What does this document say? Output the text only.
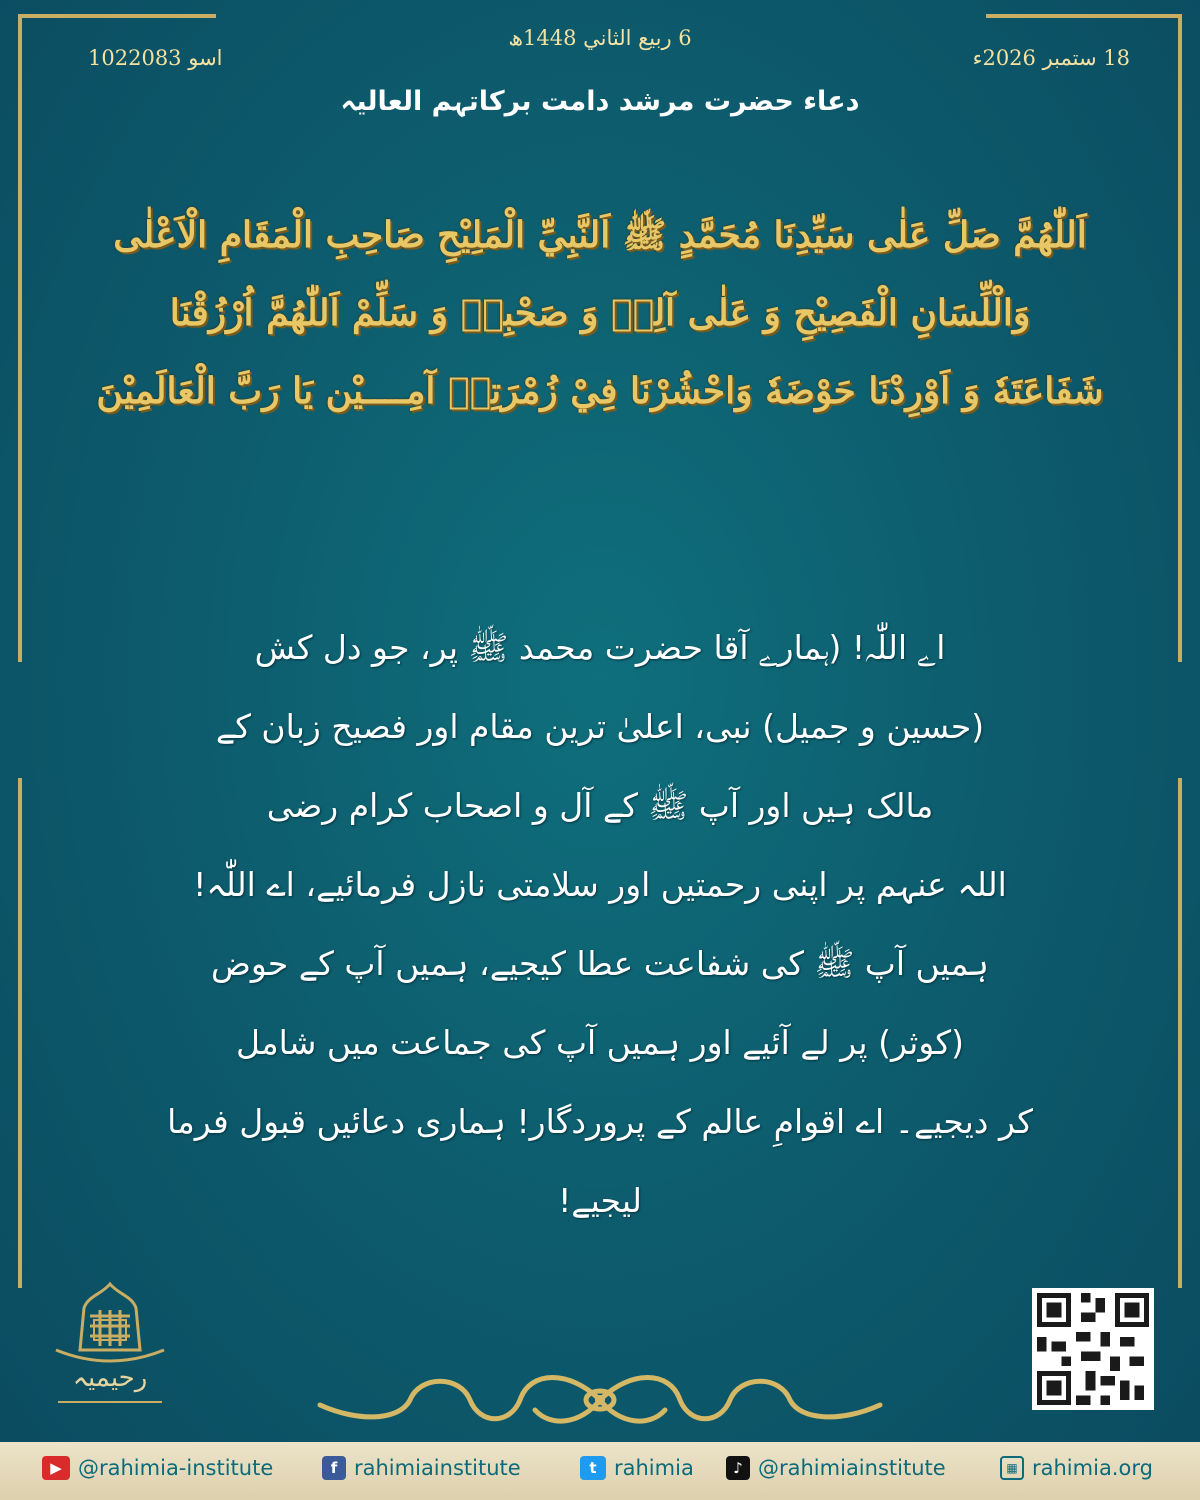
102اسو 2083
6 ربيع الثاني 1448ھ
18 ستمبر 2026ء
دعاء حضرت مرشد دامت برکاتہم العالیہ
اَللّٰهُمَّ صَلِّ عَلٰى سَيِّدِنَا مُحَمَّدٍ ﷺ اَلنَّبِيِّ الْمَلِيْحِ صَاحِبِ الْمَقَامِ الْاَعْلٰى
وَالْلِّسَانِ الْفَصِيْحِ وَ عَلٰى آلِهٖ وَ صَحْبِهٖ وَ سَلِّمْ اَللّٰهُمَّ اُرْزُقْنَا
شَفَاعَتَهٗ وَ اَوْرِدْنَا حَوْضَهٗ وَاحْشُرْنَا فِيْ زُمْرَتِهٖ آمِــــيْن يَا رَبَّ الْعَالَمِيْنَ
اے اللّٰہ! (ہمارے آقا حضرت محمد ﷺ پر، جو دل کش
(حسین و جمیل) نبی، اعلیٰ ترین مقام اور فصیح زبان کے
مالک ہیں اور آپ ﷺ کے آل و اصحاب کرام رضی
اللہ عنہم پر اپنی رحمتیں اور سلامتی نازل فرمائیے، اے اللّٰہ!
ہمیں آپ ﷺ کی شفاعت عطا کیجیے، ہمیں آپ کے حوض
(کوثر) پر لے آئیے اور ہمیں آپ کی جماعت میں شامل
کر دیجیے۔ اے اقوامِ عالم کے پروردگار! ہماری دعائیں قبول فرما
لیجیے!
رحیمیہ
▶ @rahimia-institute	f rahimiainstitute	t rahimia	♪ @rahimiainstitute	▦ rahimia.org
